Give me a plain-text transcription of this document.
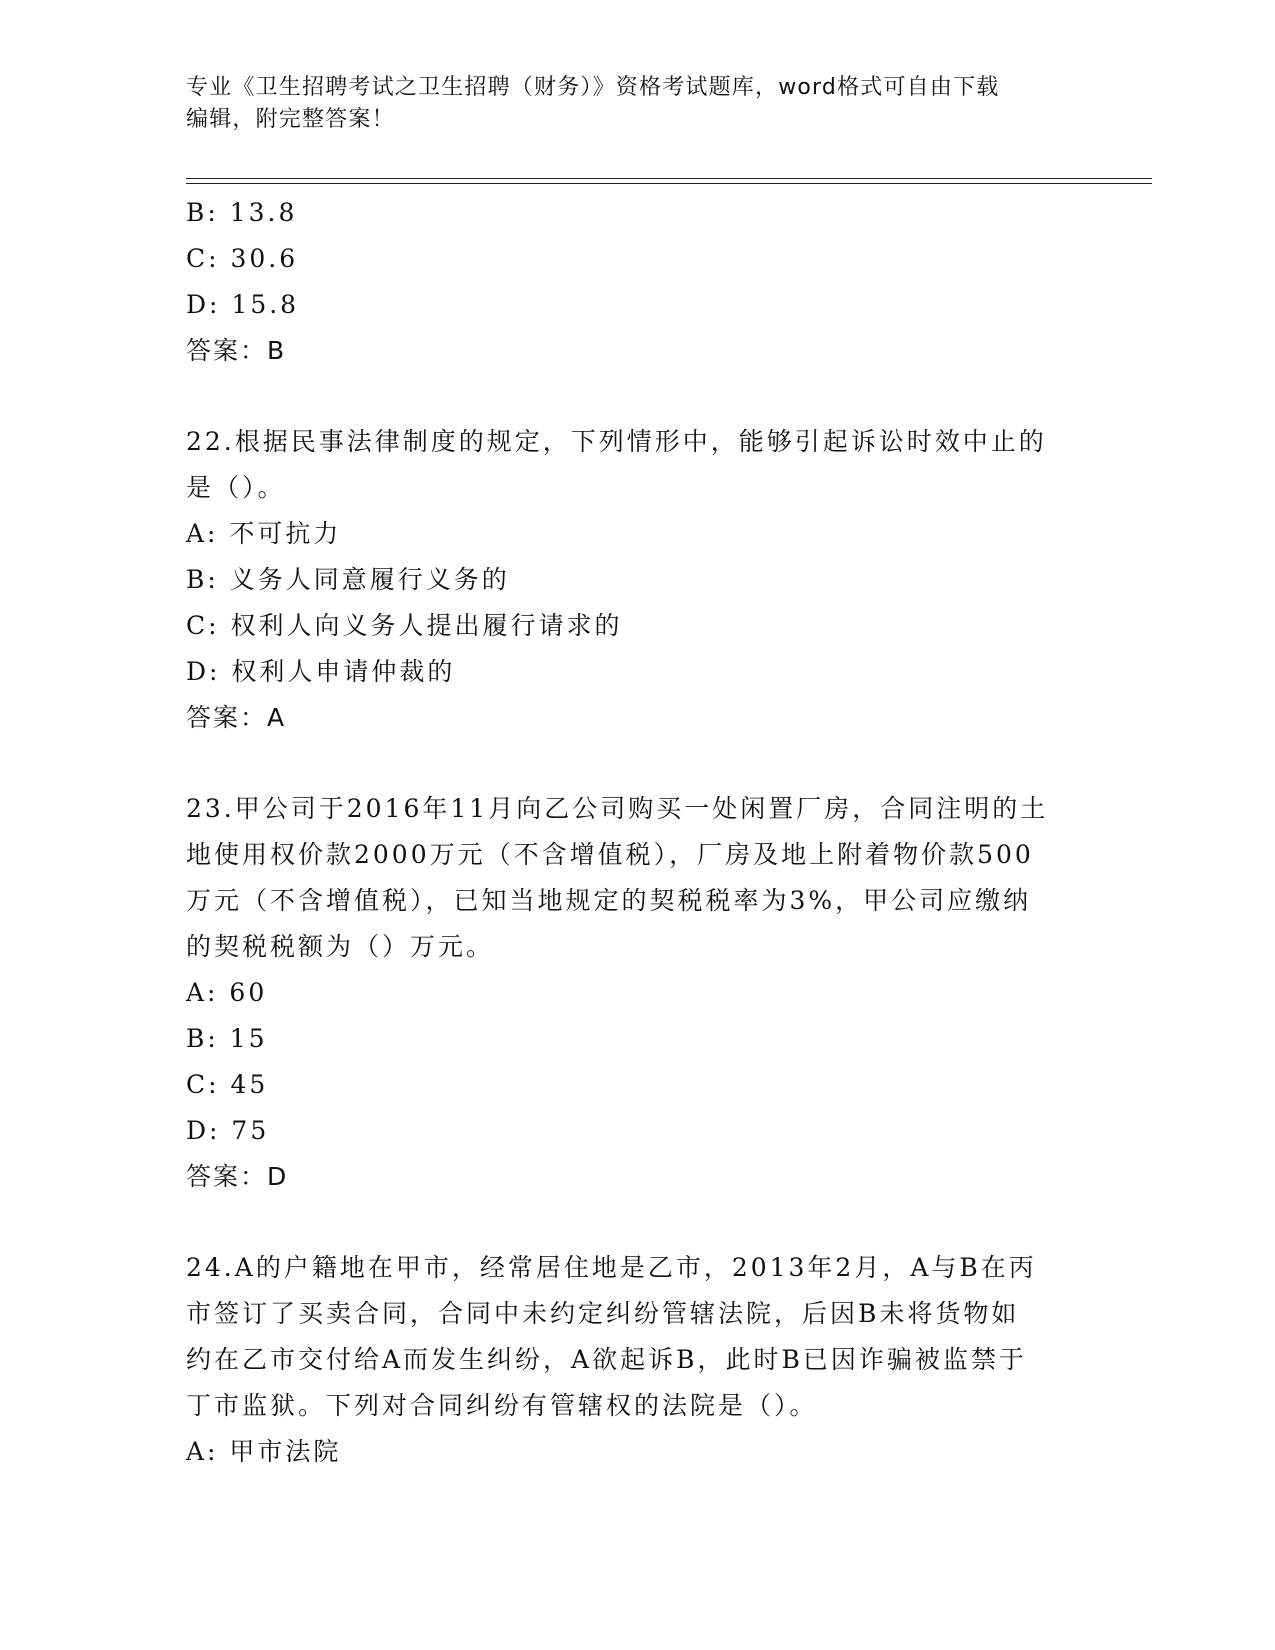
专业《卫生招聘考试之卫生招聘（财务）》资格考试题库，word格式可自由下载
编辑，附完整答案！
B: 13.8
C: 30.6
D: 15.8
答案：B
22.根据民事法律制度的规定，下列情形中，能够引起诉讼时效中止的
是（）。
A: 不可抗力
B: 义务人同意履行义务的
C: 权利人向义务人提出履行请求的
D: 权利人申请仲裁的
答案：A
23.甲公司于2016年11月向乙公司购买一处闲置厂房，合同注明的土
地使用权价款2000万元（不含增值税），厂房及地上附着物价款500
万元（不含增值税），已知当地规定的契税税率为3%，甲公司应缴纳
的契税税额为（）万元。
A: 60
B: 15
C: 45
D: 75
答案：D
24.A的户籍地在甲市，经常居住地是乙市，2013年2月，A与B在丙
市签订了买卖合同，合同中未约定纠纷管辖法院，后因B未将货物如
约在乙市交付给A而发生纠纷，A欲起诉B，此时B已因诈骗被监禁于
丁市监狱。下列对合同纠纷有管辖权的法院是（）。
A: 甲市法院
